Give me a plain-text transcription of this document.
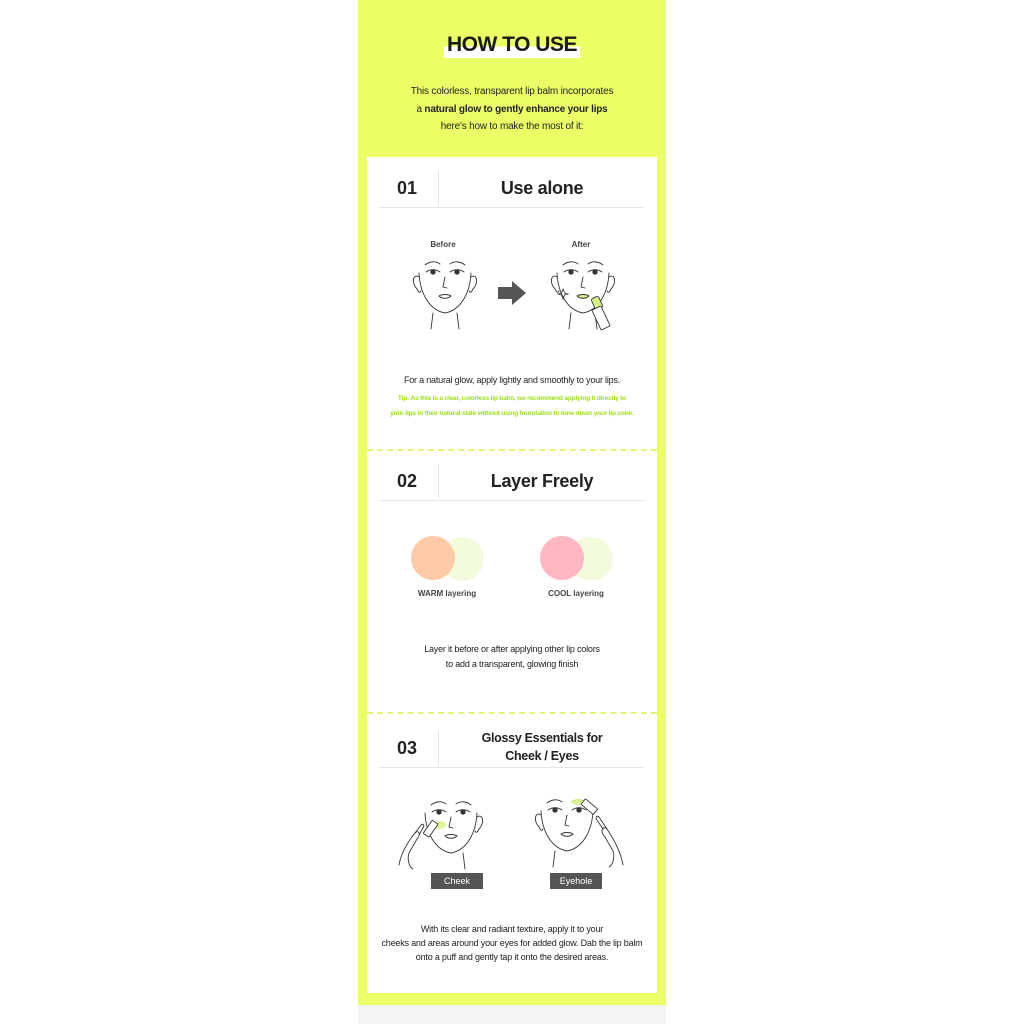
HOW TO USE
This colorless, transparent lip balm incorporates
a natural glow to gently enhance your lips
here's how to make the most of it:
01	Use alone
Before	After
For a natural glow, apply lightly and smoothly to your lips.
Tip: As this is a clear, colorless lip balm, we recommend applying it directly to
your lips in their natural state without using foundation to tone down your lip color.
02	Layer Freely
WARM layering	COOL layering
Layer it before or after applying other lip colors
to add a transparent, glowing finish
03	Glossy Essentials for
Cheek / Eyes
Cheek	Eyehole
With its clear and radiant texture, apply it to your
cheeks and areas around your eyes for added glow. Dab the lip balm
onto a puff and gently tap it onto the desired areas.
